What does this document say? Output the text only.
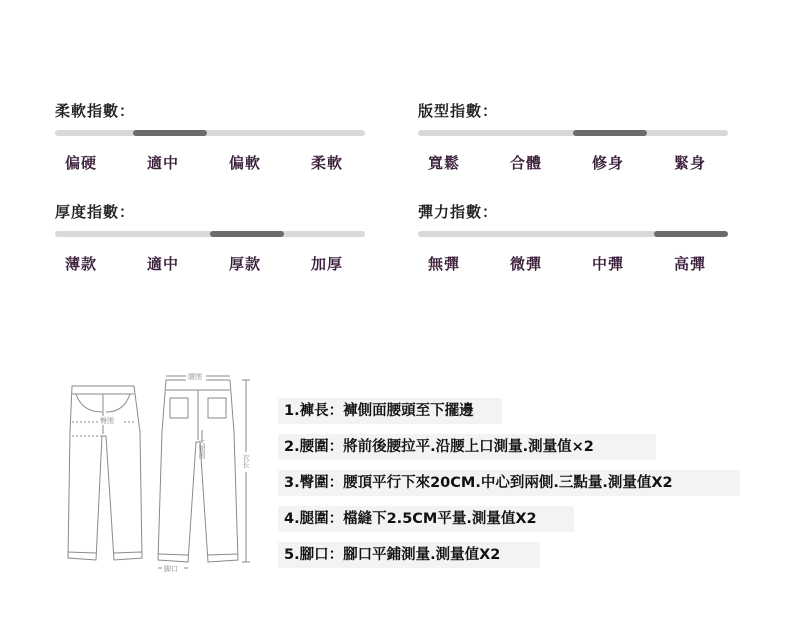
柔軟指數：
偏硬	適中	偏軟	柔軟
版型指數：
寬鬆	合體	修身	緊身
厚度指數：
薄款	適中	厚款	加厚
彈力指數：
無彈	微彈	中彈	高彈
腰围
臀围
大腿围
衣长
脚口
1.褲長：褲側面腰頭至下擺邊
2.腰圍：將前後腰拉平.沿腰上口測量.測量值×2
3.臀圍：腰頂平行下來20CM.中心到兩側.三點量.測量值X2
4.腿圍：檔縫下2.5CM平量.測量值X2
5.腳口：腳口平鋪測量.測量值X2
